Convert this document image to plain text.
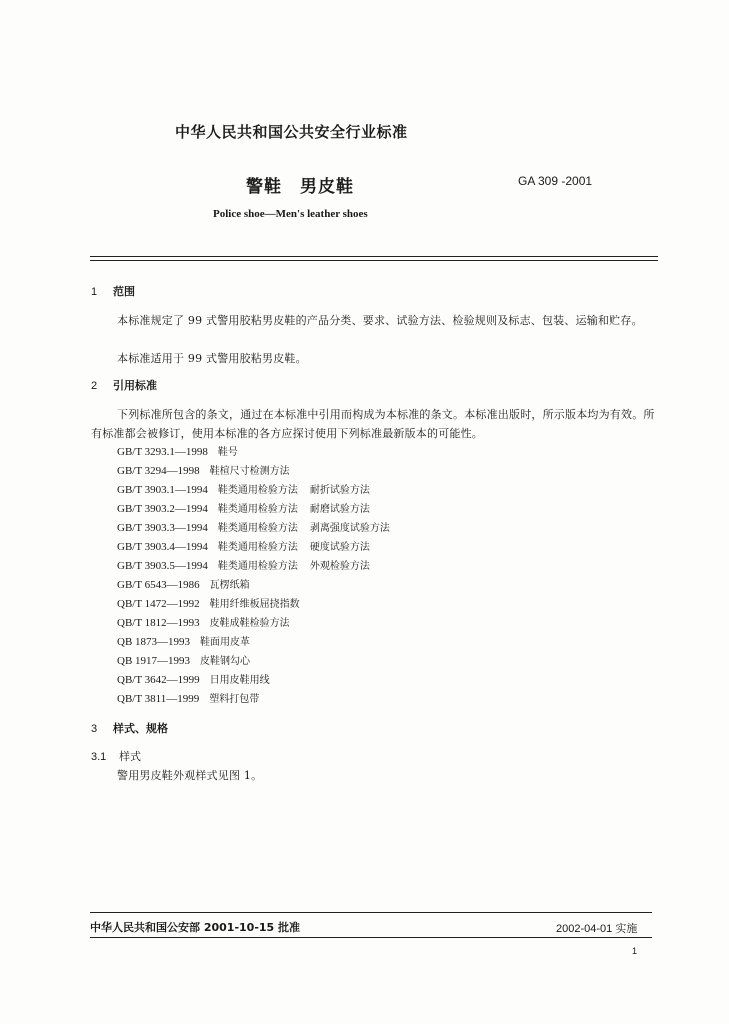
中华人民共和国公共安全行业标准
警鞋　男皮鞋	GA 309 -2001
Police shoe—Men's leather shoes
1 范围
本标准规定了 99 式警用胶粘男皮鞋的产品分类、要求、试验方法、检验规则及标志、包装、运输和贮存。
本标准适用于 99 式警用胶粘男皮鞋。
2 引用标准
下列标准所包含的条文，通过在本标准中引用而构成为本标准的条文。本标准出版时，所示版本均为有效。所有标准都会被修订，使用本标准的各方应探讨使用下列标准最新版本的可能性。
GB/T 3293.1—1998 鞋号
GB/T 3294—1998 鞋楦尺寸检测方法
GB/T 3903.1—1994 鞋类通用检验方法 耐折试验方法
GB/T 3903.2—1994 鞋类通用检验方法 耐磨试验方法
GB/T 3903.3—1994 鞋类通用检验方法 剥离强度试验方法
GB/T 3903.4—1994 鞋类通用检验方法 硬度试验方法
GB/T 3903.5—1994 鞋类通用检验方法 外观检验方法
GB/T 6543—1986 瓦楞纸箱
QB/T 1472—1992 鞋用纤维板屈挠指数
QB/T 1812—1993 皮鞋成鞋检验方法
QB 1873—1993 鞋面用皮革
QB 1917—1993 皮鞋钢勾心
QB/T 3642—1999 日用皮鞋用线
QB/T 3811—1999 塑料打包带
3 样式、规格
3.1 样式
警用男皮鞋外观样式见图 1。
中华人民共和国公安部 2001-10-15 批准	2002-04-01 实施
1
